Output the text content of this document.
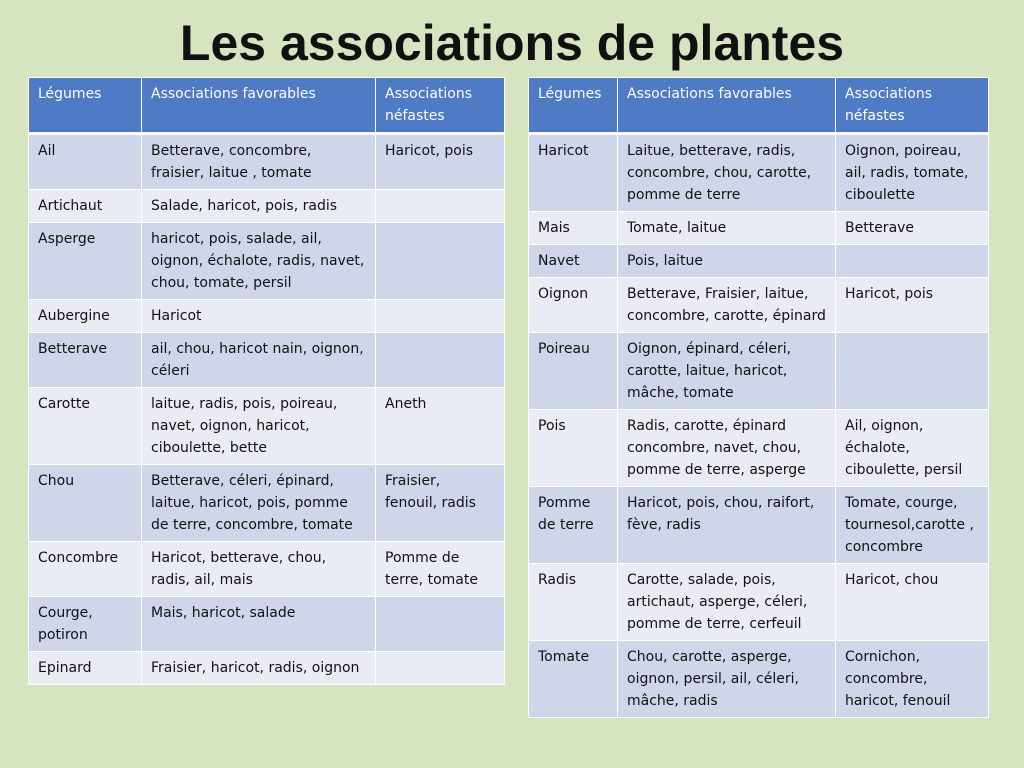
Les associations de plantes
Légumes	Associations favorables	Associations néfastes
Ail	Betterave, concombre, fraisier, laitue , tomate	Haricot, pois
Artichaut	Salade, haricot, pois, radis	
Asperge	haricot, pois, salade, ail, oignon, échalote, radis, navet, chou, tomate, persil	
Aubergine	Haricot	
Betterave	ail, chou, haricot nain, oignon, céleri	
Carotte	laitue, radis, pois, poireau, navet, oignon, haricot, ciboulette, bette	Aneth
Chou	Betterave, céleri, épinard, laitue, haricot, pois, pomme de terre, concombre, tomate	Fraisier, fenouil, radis
Concombre	Haricot, betterave, chou, radis, ail, mais	Pomme de terre, tomate
Courge, potiron	Mais, haricot, salade	
Epinard	Fraisier, haricot, radis, oignon	
Légumes	Associations favorables	Associations néfastes
Haricot	Laitue, betterave, radis, concombre, chou, carotte, pomme de terre	Oignon, poireau, ail, radis, tomate, ciboulette
Mais	Tomate, laitue	Betterave
Navet	Pois, laitue	
Oignon	Betterave, Fraisier, laitue, concombre, carotte, épinard	Haricot, pois
Poireau	Oignon, épinard, céleri, carotte, laitue, haricot, mâche, tomate	
Pois	Radis, carotte, épinard concombre, navet, chou, pomme de terre, asperge	Ail, oignon, échalote, ciboulette, persil
Pomme de terre	Haricot, pois, chou, raifort, fève, radis	Tomate, courge, tournesol,carotte , concombre
Radis	Carotte, salade, pois, artichaut, asperge, céleri, pomme de terre, cerfeuil	Haricot, chou
Tomate	Chou, carotte, asperge, oignon, persil, ail, céleri, mâche, radis	Cornichon, concombre, haricot, fenouil
